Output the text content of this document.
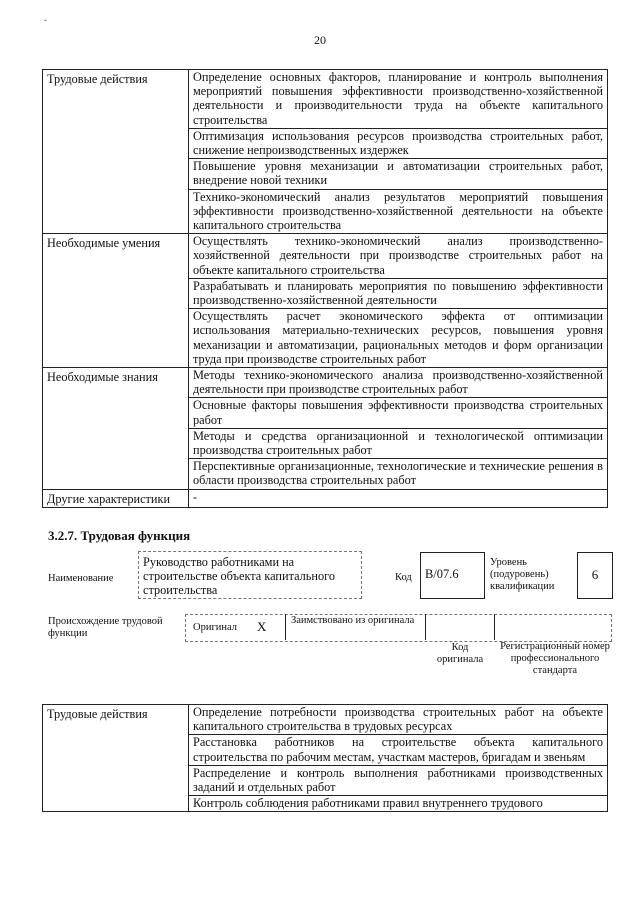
ˇ
20
Трудовые действия	Определение основных факторов, планирование и контроль выполнения мероприятий повышения эффективности производственно-хозяйственной деятельности и производительности труда на объекте капитального строительства
	Оптимизация использования ресурсов производства строительных работ, снижение непроизводственных издержек
	Повышение уровня механизации и автоматизации строительных работ, внедрение новой техники
	Технико-экономический анализ результатов мероприятий повышения эффективности производственно-хозяйственной деятельности на объекте капитального строительства
Необходимые умения	Осуществлять технико-экономический анализ производственно-хозяйственной деятельности при производстве строительных работ на объекте капитального строительства
	Разрабатывать и планировать мероприятия по повышению эффективности производственно-хозяйственной деятельности
	Осуществлять расчет экономического эффекта от оптимизации использования материально-технических ресурсов, повышения уровня механизации и автоматизации, рациональных методов и форм организации труда при производстве строительных работ
Необходимые знания	Методы технико-экономического анализа производственно-хозяйственной деятельности при производстве строительных работ
	Основные факторы повышения эффективности производства строительных работ
	Методы и средства организационной и технологической оптимизации производства строительных работ
	Перспективные организационные, технологические и технические решения в области производства строительных работ
Другие характеристики	-
3.2.7. Трудовая функция
Наименование
Руководство работниками на строительстве объекта капитального строительства
Код	B/07.6
Уровень (подуровень) квалификации
6
Происхождение трудовой функции
Оригинал X Заимствовано из оригинала
Код оригинала
Регистрационный номер профессионального стандарта
Трудовые действия	Определение потребности производства строительных работ на объекте капитального строительства в трудовых ресурсах
Расстановка работников на строительстве объекта капитального строительства по рабочим местам, участкам мастеров, бригадам и звеньям
Распределение и контроль выполнения работниками производственных заданий и отдельных работ
Контроль соблюдения работниками правил внутреннего трудового
